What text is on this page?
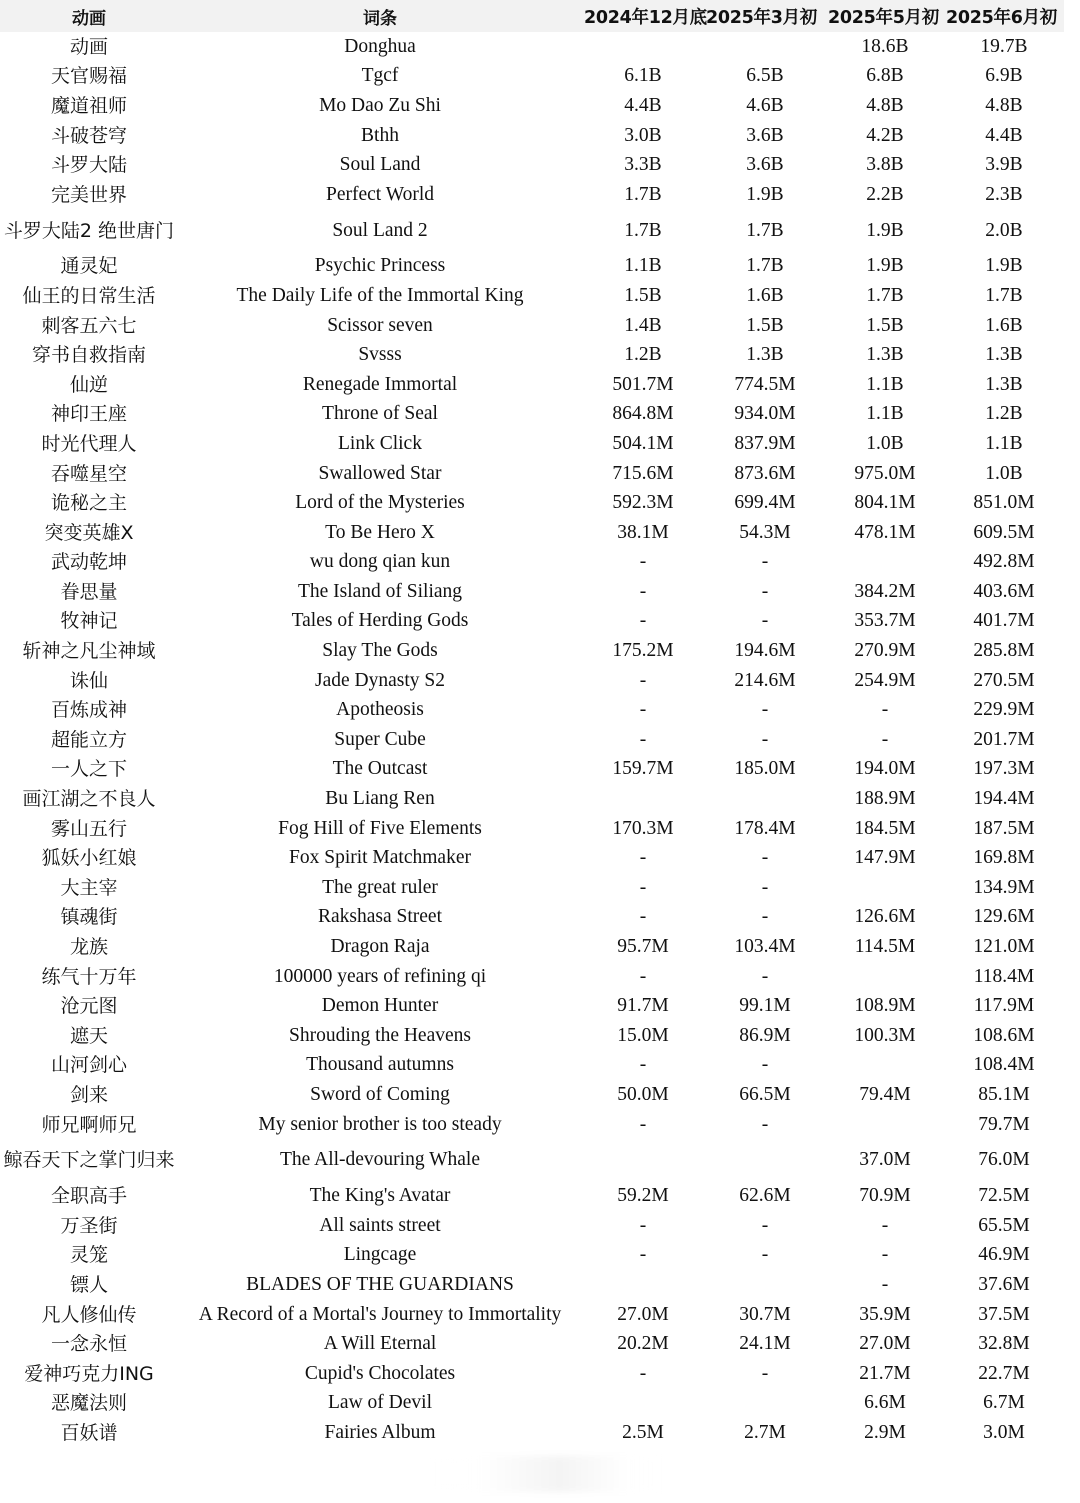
动画	词条	2024年12月底	2025年3月初	2025年5月初	2025年6月初
动画	Donghua			18.6B	19.7B
天官赐福	Tgcf	6.1B	6.5B	6.8B	6.9B
魔道祖师	Mo Dao Zu Shi	4.4B	4.6B	4.8B	4.8B
斗破苍穹	Bthh	3.0B	3.6B	4.2B	4.4B
斗罗大陆	Soul Land	3.3B	3.6B	3.8B	3.9B
完美世界	Perfect World	1.7B	1.9B	2.2B	2.3B
斗罗大陆2 绝世唐门	Soul Land 2	1.7B	1.7B	1.9B	2.0B
通灵妃	Psychic Princess	1.1B	1.7B	1.9B	1.9B
仙王的日常生活	The Daily Life of the Immortal King	1.5B	1.6B	1.7B	1.7B
刺客五六七	Scissor seven	1.4B	1.5B	1.5B	1.6B
穿书自救指南	Svsss	1.2B	1.3B	1.3B	1.3B
仙逆	Renegade Immortal	501.7M	774.5M	1.1B	1.3B
神印王座	Throne of Seal	864.8M	934.0M	1.1B	1.2B
时光代理人	Link Click	504.1M	837.9M	1.0B	1.1B
吞噬星空	Swallowed Star	715.6M	873.6M	975.0M	1.0B
诡秘之主	Lord of the Mysteries	592.3M	699.4M	804.1M	851.0M
突变英雄X	To Be Hero X	38.1M	54.3M	478.1M	609.5M
武动乾坤	wu dong qian kun	-	-		492.8M
眷思量	The Island of Siliang	-	-	384.2M	403.6M
牧神记	Tales of Herding Gods	-	-	353.7M	401.7M
斩神之凡尘神域	Slay The Gods	175.2M	194.6M	270.9M	285.8M
诛仙	Jade Dynasty S2	-	214.6M	254.9M	270.5M
百炼成神	Apotheosis	-	-	-	229.9M
超能立方	Super Cube	-	-	-	201.7M
一人之下	The Outcast	159.7M	185.0M	194.0M	197.3M
画江湖之不良人	Bu Liang Ren			188.9M	194.4M
雾山五行	Fog Hill of Five Elements	170.3M	178.4M	184.5M	187.5M
狐妖小红娘	Fox Spirit Matchmaker	-	-	147.9M	169.8M
大主宰	The great ruler	-	-		134.9M
镇魂街	Rakshasa Street	-	-	126.6M	129.6M
龙族	Dragon Raja	95.7M	103.4M	114.5M	121.0M
练气十万年	100000 years of refining qi	-	-		118.4M
沧元图	Demon Hunter	91.7M	99.1M	108.9M	117.9M
遮天	Shrouding the Heavens	15.0M	86.9M	100.3M	108.6M
山河剑心	Thousand autumns	-	-		108.4M
剑来	Sword of Coming	50.0M	66.5M	79.4M	85.1M
师兄啊师兄	My senior brother is too steady	-	-		79.7M
鲸吞天下之掌门归来	The All-devouring Whale			37.0M	76.0M
全职高手	The King's Avatar	59.2M	62.6M	70.9M	72.5M
万圣街	All saints street	-	-	-	65.5M
灵笼	Lingcage	-	-	-	46.9M
镖人	BLADES OF THE GUARDIANS			-	37.6M
凡人修仙传	A Record of a Mortal's Journey to Immortality	27.0M	30.7M	35.9M	37.5M
一念永恒	A Will Eternal	20.2M	24.1M	27.0M	32.8M
爱神巧克力ING	Cupid's Chocolates	-	-	21.7M	22.7M
恶魔法则	Law of Devil			6.6M	6.7M
百妖谱	Fairies Album	2.5M	2.7M	2.9M	3.0M
